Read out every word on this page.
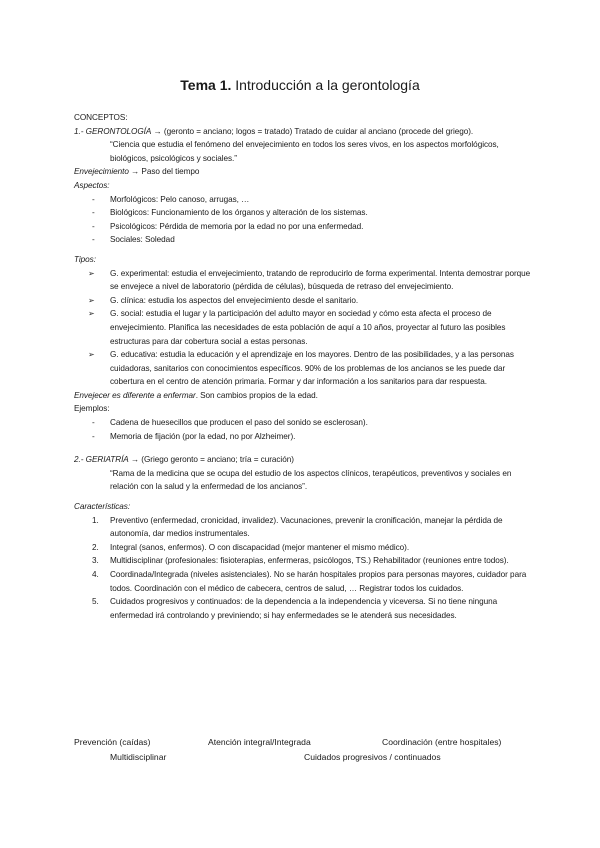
Tema 1. Introducción a la gerontología

CONCEPTOS:

1.- GERONTOLOGÍA → (geronto = anciano; logos = tratado) Tratado de cuidar al anciano (procede del griego).

“Ciencia que estudia el fenómeno del envejecimiento en todos los seres vivos, en los aspectos morfológicos, biológicos, psicológicos y sociales.”

Envejecimiento → Paso del tiempo

Aspectos:

- Morfológicos: Pelo canoso, arrugas, …
- Biológicos: Funcionamiento de los órganos y alteración de los sistemas.
- Psicológicos: Pérdida de memoria por la edad no por una enfermedad.
- Sociales: Soledad

Tipos:

➢ G. experimental: estudia el envejecimiento, tratando de reproducirlo de forma experimental. Intenta demostrar porque se envejece a nivel de laboratorio (pérdida de células), búsqueda de retraso del envejecimiento.
➢ G. clínica: estudia los aspectos del envejecimiento desde el sanitario.
➢ G. social: estudia el lugar y la participación del adulto mayor en sociedad y cómo esta afecta el proceso de envejecimiento. Planifica las necesidades de esta población de aquí a 10 años, proyectar al futuro las posibles estructuras para dar cobertura social a estas personas.
➢ G. educativa: estudia la educación y el aprendizaje en los mayores. Dentro de las posibilidades, y a las personas cuidadoras, sanitarios con conocimientos específicos. 90% de los problemas de los ancianos se les puede dar cobertura en el centro de atención primaria. Formar y dar información a los sanitarios para dar respuesta.

Envejecer es diferente a enfermar. Son cambios propios de la edad.

Ejemplos:

- Cadena de huesecillos que producen el paso del sonido se esclerosan).
- Memoria de fijación (por la edad, no por Alzheimer).

2.- GERIATRÍA → (Griego geronto = anciano; tría = curación)

“Rama de la medicina que se ocupa del estudio de los aspectos clínicos, terapéuticos, preventivos y sociales en relación con la salud y la enfermedad de los ancianos”.

Características:

1. Preventivo (enfermedad, cronicidad, invalidez). Vacunaciones, prevenir la cronificación, manejar la pérdida de autonomía, dar medios instrumentales.
2. Integral (sanos, enfermos). O con discapacidad (mejor mantener el mismo médico).
3. Multidisciplinar (profesionales: fisioterapias, enfermeras, psicólogos, TS.) Rehabilitador (reuniones entre todos).
4. Coordinada/Integrada (niveles asistenciales). No se harán hospitales propios para personas mayores, cuidador para todos. Coordinación con el médico de cabecera, centros de salud, … Registrar todos los cuidados.
5. Cuidados progresivos y continuados: de la dependencia a la independencia y viceversa. Si no tiene ninguna enfermedad irá controlando y previniendo; si hay enfermedades se le atenderá sus necesidades.
Prevención (caídas)	Atención integral/Integrada	Coordinación (entre hospitales)
Multidisciplinar	Cuidados progresivos / continuados
